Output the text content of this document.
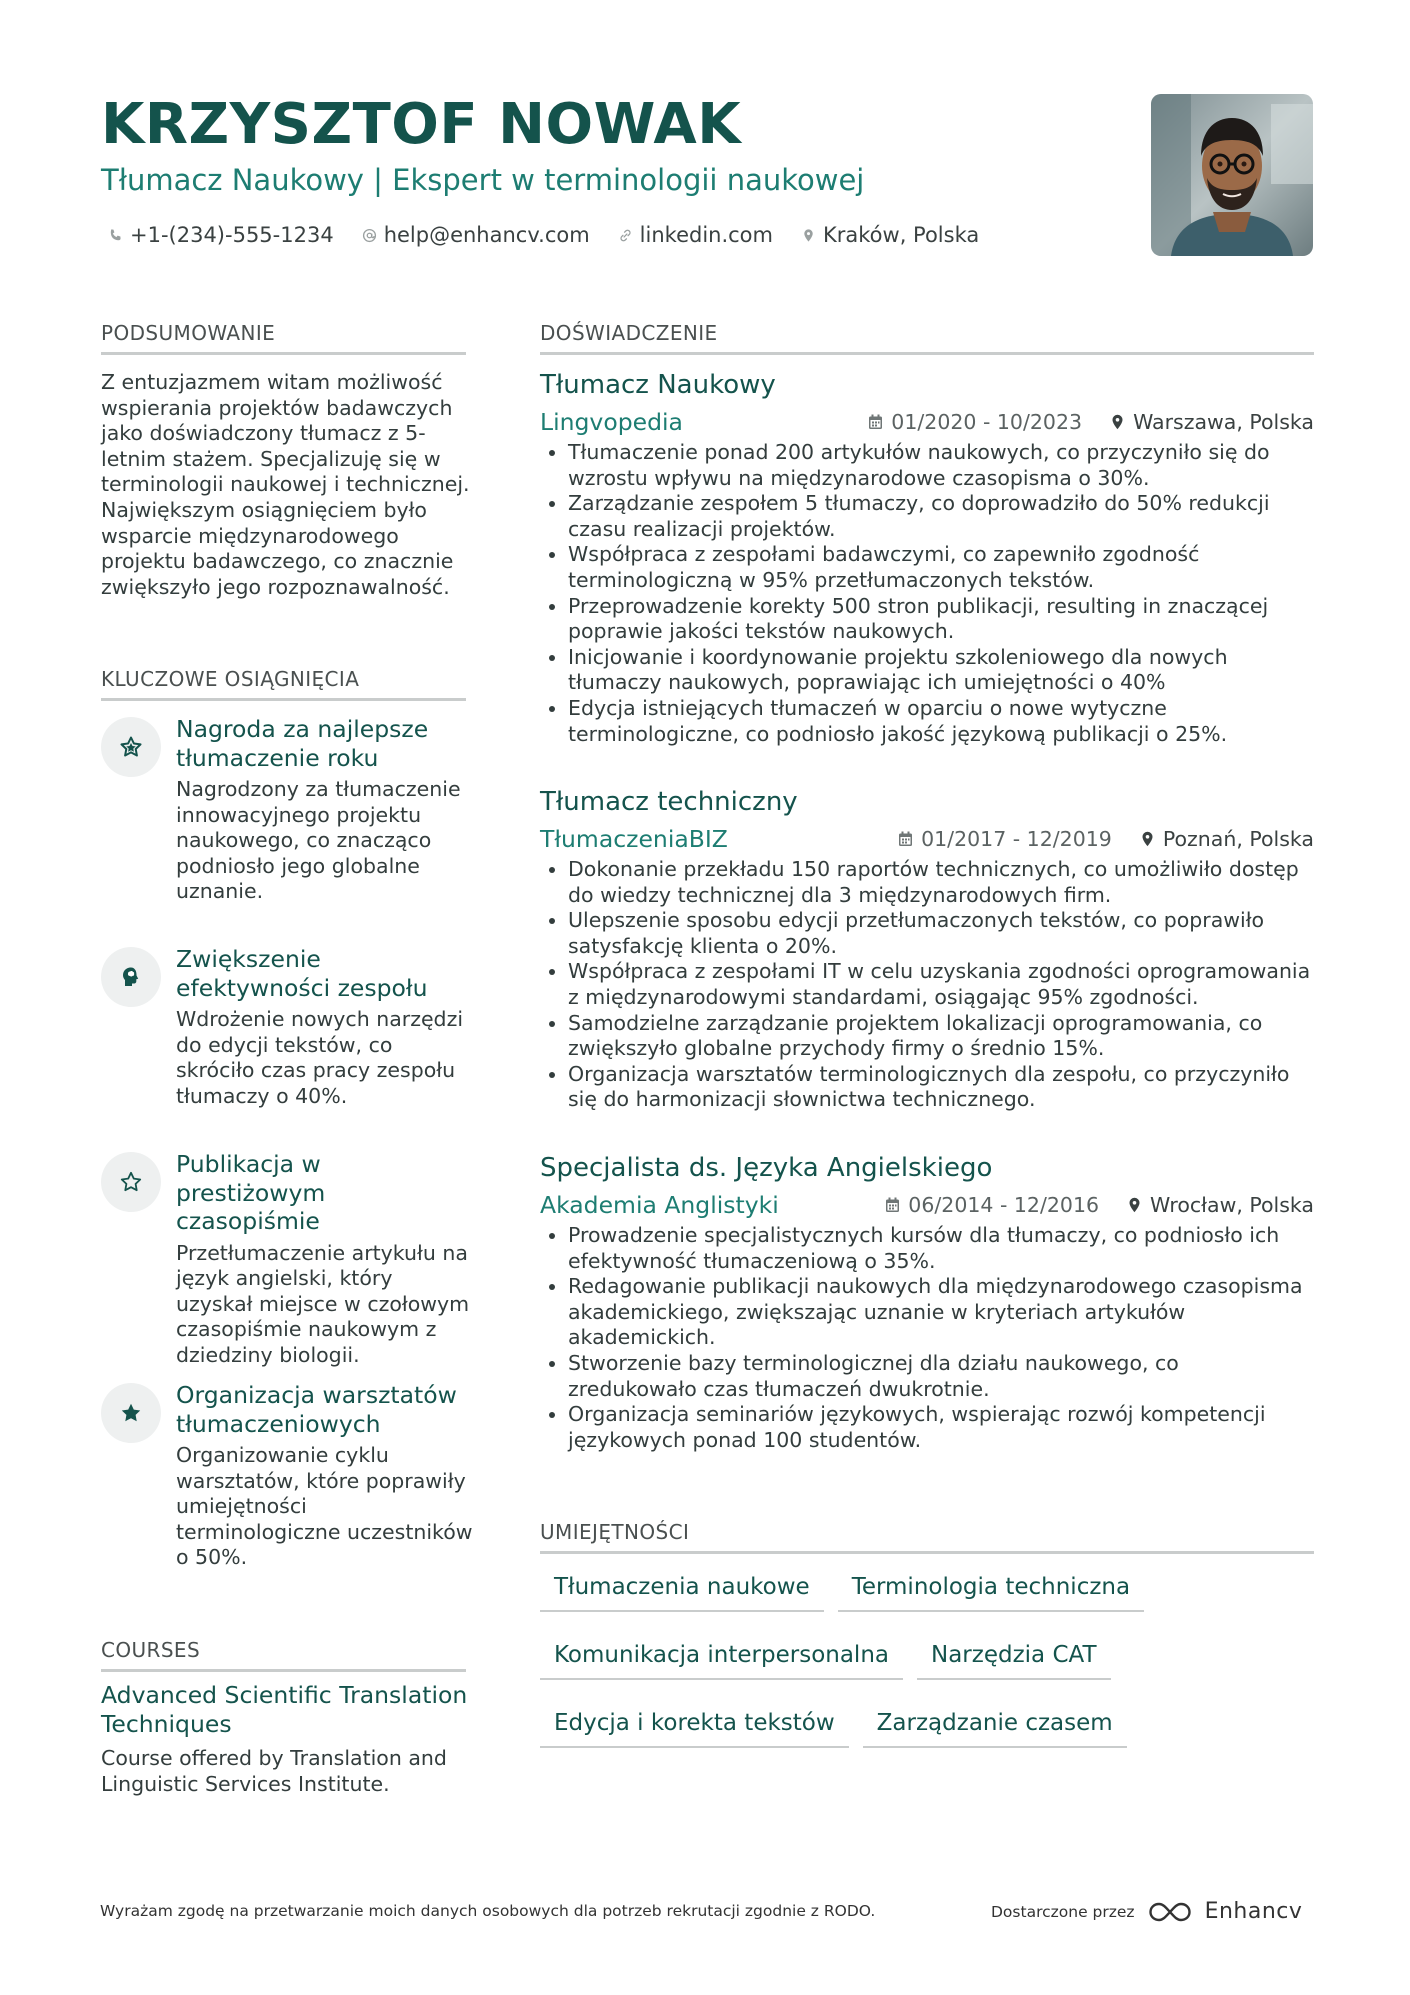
KRZYSZTOF NOWAK
Tłumacz Naukowy | Ekspert w terminologii naukowej
+1-(234)-555-1234 help@enhancv.com linkedin.com Kraków, Polska
PODSUMOWANIE
Z entuzjazmem witam możliwość wspierania projektów badawczych jako doświadczony tłumacz z 5-letnim stażem. Specjalizuję się w terminologii naukowej i technicznej. Największym osiągnięciem było wsparcie międzynarodowego projektu badawczego, co znacznie zwiększyło jego rozpoznawalność.
KLUCZOWE OSIĄGNIĘCIA
Nagroda za najlepsze tłumaczenie roku
Nagrodzony za tłumaczenie innowacyjnego projektu naukowego, co znacząco podniosło jego globalne uznanie.
Zwiększenie efektywności zespołu
Wdrożenie nowych narzędzi do edycji tekstów, co skróciło czas pracy zespołu tłumaczy o 40%.
Publikacja w prestiżowym czasopiśmie
Przetłumaczenie artykułu na język angielski, który uzyskał miejsce w czołowym czasopiśmie naukowym z dziedziny biologii.
Organizacja warsztatów tłumaczeniowych
Organizowanie cyklu warsztatów, które poprawiły umiejętności terminologiczne uczestników o 50%.
COURSES
Advanced Scientific Translation Techniques
Course offered by Translation and Linguistic Services Institute.
DOŚWIADCZENIE
Tłumacz Naukowy
Lingvopedia	01/2020 - 10/2023 Warszawa, Polska
• Tłumaczenie ponad 200 artykułów naukowych, co przyczyniło się do wzrostu wpływu na międzynarodowe czasopisma o 30%.
• Zarządzanie zespołem 5 tłumaczy, co doprowadziło do 50% redukcji czasu realizacji projektów.
• Współpraca z zespołami badawczymi, co zapewniło zgodność terminologiczną w 95% przetłumaczonych tekstów.
• Przeprowadzenie korekty 500 stron publikacji, resulting in znaczącej poprawie jakości tekstów naukowych.
• Inicjowanie i koordynowanie projektu szkoleniowego dla nowych tłumaczy naukowych, poprawiając ich umiejętności o 40%
• Edycja istniejących tłumaczeń w oparciu o nowe wytyczne terminologiczne, co podniosło jakość językową publikacji o 25%.
Tłumacz techniczny
TłumaczeniaBIZ	01/2017 - 12/2019 Poznań, Polska
• Dokonanie przekładu 150 raportów technicznych, co umożliwiło dostęp do wiedzy technicznej dla 3 międzynarodowych firm.
• Ulepszenie sposobu edycji przetłumaczonych tekstów, co poprawiło satysfakcję klienta o 20%.
• Współpraca z zespołami IT w celu uzyskania zgodności oprogramowania z międzynarodowymi standardami, osiągając 95% zgodności.
• Samodzielne zarządzanie projektem lokalizacji oprogramowania, co zwiększyło globalne przychody firmy o średnio 15%.
• Organizacja warsztatów terminologicznych dla zespołu, co przyczyniło się do harmonizacji słownictwa technicznego.
Specjalista ds. Języka Angielskiego
Akademia Anglistyki	06/2014 - 12/2016 Wrocław, Polska
• Prowadzenie specjalistycznych kursów dla tłumaczy, co podniosło ich efektywność tłumaczeniową o 35%.
• Redagowanie publikacji naukowych dla międzynarodowego czasopisma akademickiego, zwiększając uznanie w kryteriach artykułów akademickich.
• Stworzenie bazy terminologicznej dla działu naukowego, co zredukowało czas tłumaczeń dwukrotnie.
• Organizacja seminariów językowych, wspierając rozwój kompetencji językowych ponad 100 studentów.
UMIEJĘTNOŚCI
Tłumaczenia naukowe	Terminologia techniczna
Komunikacja interpersonalna	Narzędzia CAT
Edycja i korekta tekstów	Zarządzanie czasem
Wyrażam zgodę na przetwarzanie moich danych osobowych dla potrzeb rekrutacji zgodnie z RODO.	Dostarczone przez	Enhancv
